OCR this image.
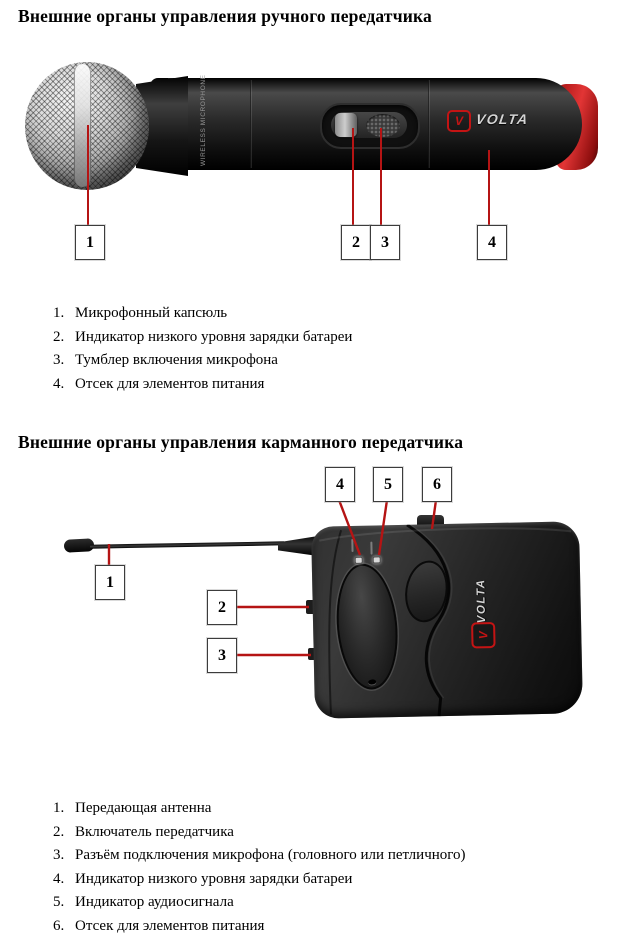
Внешние органы управления ручного передатчика
WIRELESS MICROPHONE	V VOLTA
1	2 3	4
1. Микрофонный капсюль
2. Индикатор низкого уровня зарядки батареи
3. Тумблер включения микрофона
4. Отсек для элементов питания
Внешние органы управления карманного передатчика
VOLTA
V
4	5	6
1
2
3
1. Передающая антенна
2. Включатель передатчика
3. Разъём подключения микрофона (головного или петличного)
4. Индикатор низкого уровня зарядки батареи
5. Индикатор аудиосигнала
6. Отсек для элементов питания
